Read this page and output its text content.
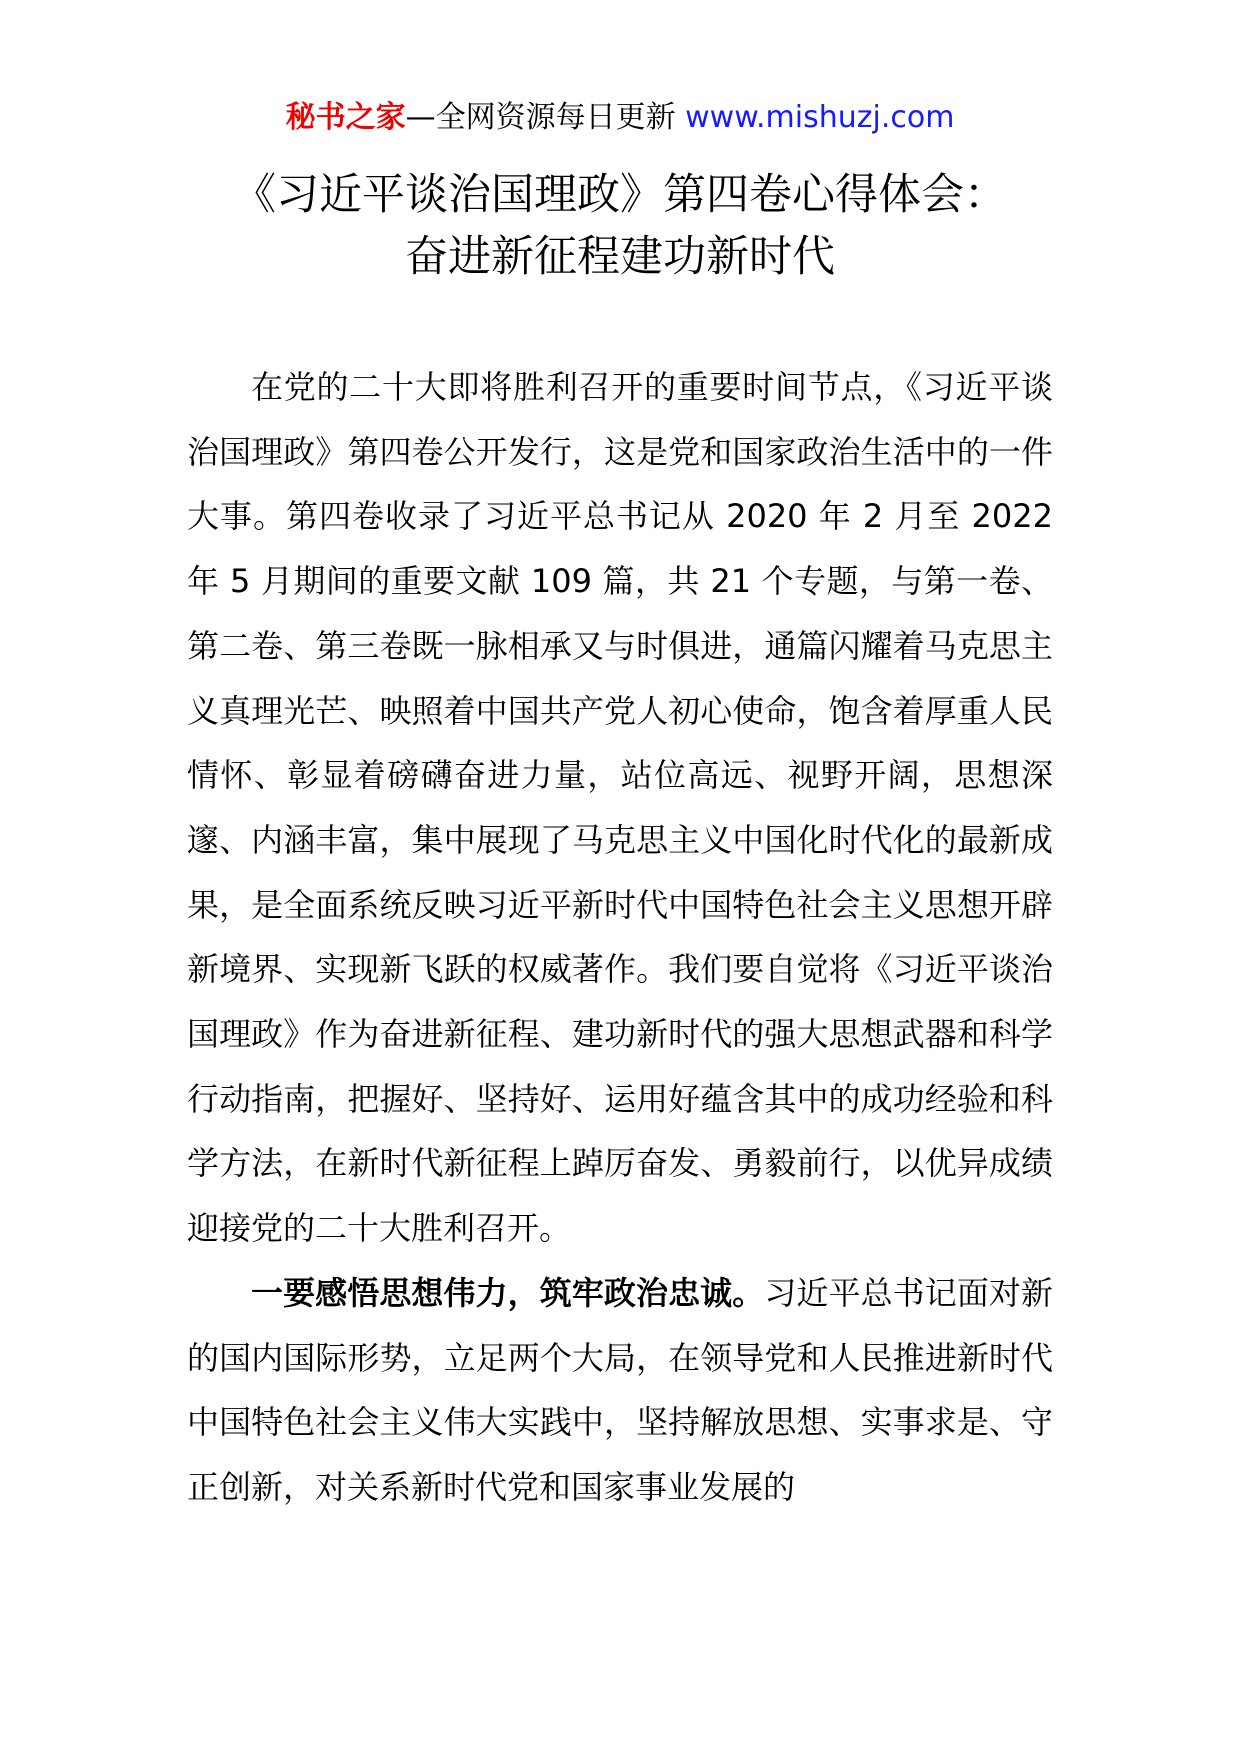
秘书之家—全网资源每日更新 www.mishuzj.com
《习近平谈治国理政》第四卷心得体会：
奋进新征程建功新时代

在党的二十大即将胜利召开的重要时间节点，《习近平谈治国理政》第四卷公开发行，这是党和国家政治生活中的一件大事。第四卷收录了习近平总书记从 2020 年 2 月至 2022 年 5 月期间的重要文献 109 篇，共 21 个专题，与第一卷、第二卷、第三卷既一脉相承又与时俱进，通篇闪耀着马克思主义真理光芒、映照着中国共产党人初心使命，饱含着厚重人民情怀、彰显着磅礴奋进力量，站位高远、视野开阔，思想深邃、内涵丰富，集中展现了马克思主义中国化时代化的最新成果，是全面系统反映习近平新时代中国特色社会主义思想开辟新境界、实现新飞跃的权威著作。我们要自觉将《习近平谈治国理政》作为奋进新征程、建功新时代的强大思想武器和科学行动指南，把握好、坚持好、运用好蕴含其中的成功经验和科学方法，在新时代新征程上踔厉奋发、勇毅前行，以优异成绩迎接党的二十大胜利召开。

一要感悟思想伟力，筑牢政治忠诚。习近平总书记面对新的国内国际形势，立足两个大局，在领导党和人民推进新时代中国特色社会主义伟大实践中，坚持解放思想、实事求是、守正创新，对关系新时代党和国家事业发展的
